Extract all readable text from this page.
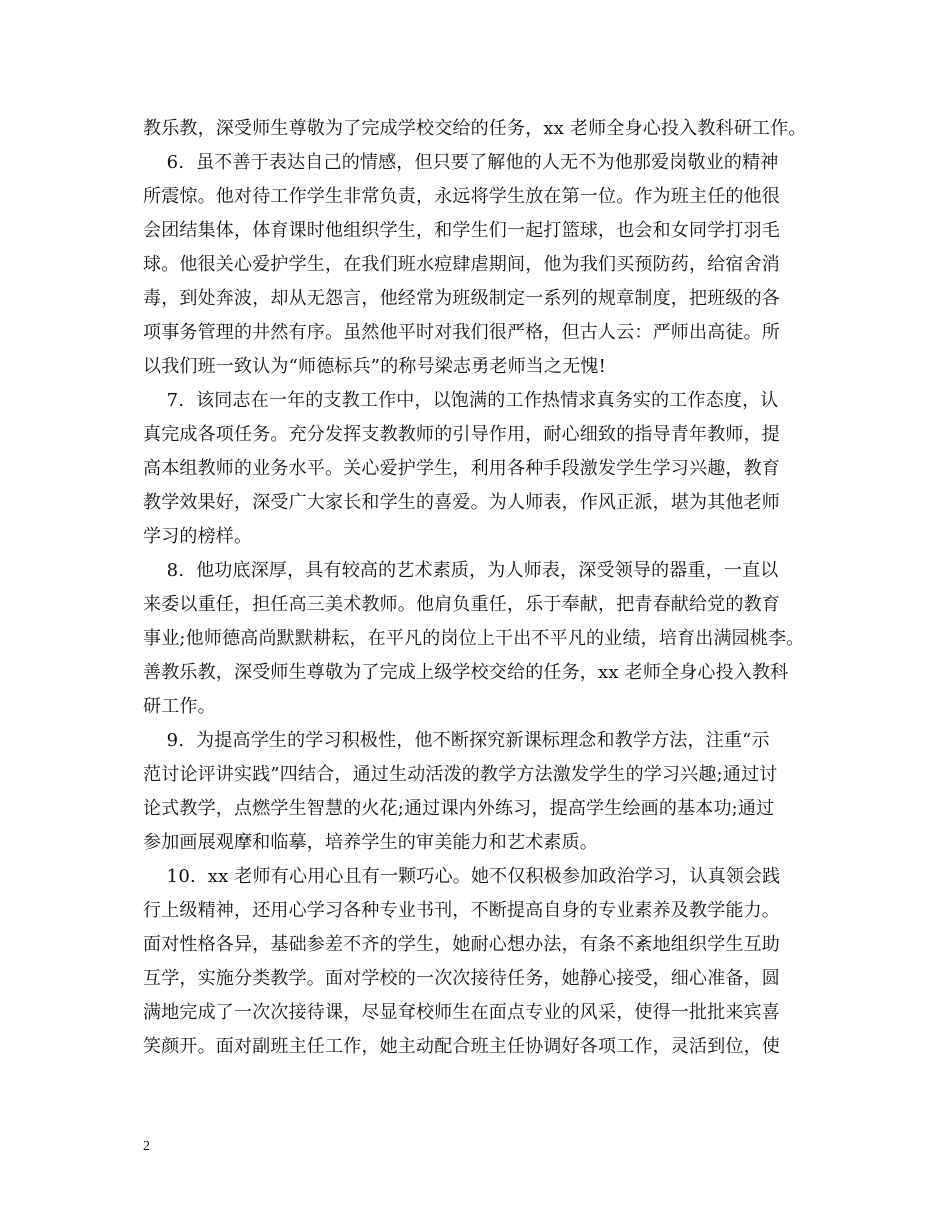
教乐教，深受师生尊敬为了完成学校交给的任务，xx 老师全身心投入教科研工作。
6.  虽不善于表达自己的情感，但只要了解他的人无不为他那爱岗敬业的精神
所震惊。他对待工作学生非常负责，永远将学生放在第一位。作为班主任的他很
会团结集体，体育课时他组织学生，和学生们一起打篮球，也会和女同学打羽毛
球。他很关心爱护学生，在我们班水痘肆虐期间，他为我们买预防药，给宿舍消
毒，到处奔波，却从无怨言，他经常为班级制定一系列的规章制度，把班级的各
项事务管理的井然有序。虽然他平时对我们很严格，但古人云：严师出高徒。所
以我们班一致认为“师德标兵”的称号梁志勇老师当之无愧!
7.  该同志在一年的支教工作中，以饱满的工作热情求真务实的工作态度，认
真完成各项任务。充分发挥支教教师的引导作用，耐心细致的指导青年教师，提
高本组教师的业务水平。关心爱护学生，利用各种手段激发学生学习兴趣，教育
教学效果好，深受广大家长和学生的喜爱。为人师表，作风正派，堪为其他老师
学习的榜样。
8.  他功底深厚，具有较高的艺术素质，为人师表，深受领导的器重，一直以
来委以重任，担任高三美术教师。他肩负重任，乐于奉献，把青春献给党的教育
事业;他师德高尚默默耕耘，在平凡的岗位上干出不平凡的业绩，培育出满园桃李。
善教乐教，深受师生尊敬为了完成上级学校交给的任务，xx 老师全身心投入教科
研工作。
9.  为提高学生的学习积极性，他不断探究新课标理念和教学方法，注重“示
范讨论评讲实践”四结合，通过生动活泼的教学方法激发学生的学习兴趣;通过讨
论式教学，点燃学生智慧的火花;通过课内外练习，提高学生绘画的基本功;通过
参加画展观摩和临摹，培养学生的审美能力和艺术素质。
10.  xx 老师有心用心且有一颗巧心。她不仅积极参加政治学习，认真领会践
行上级精神，还用心学习各种专业书刊，不断提高自身的专业素养及教学能力。
面对性格各异，基础参差不齐的学生，她耐心想办法，有条不紊地组织学生互助
互学，实施分类教学。面对学校的一次次接待任务，她静心接受，细心准备，圆
满地完成了一次次接待课，尽显耷校师生在面点专业的风采，使得一批批来宾喜
笑颜开。面对副班主任工作，她主动配合班主任协调好各项工作，灵活到位，使
2
